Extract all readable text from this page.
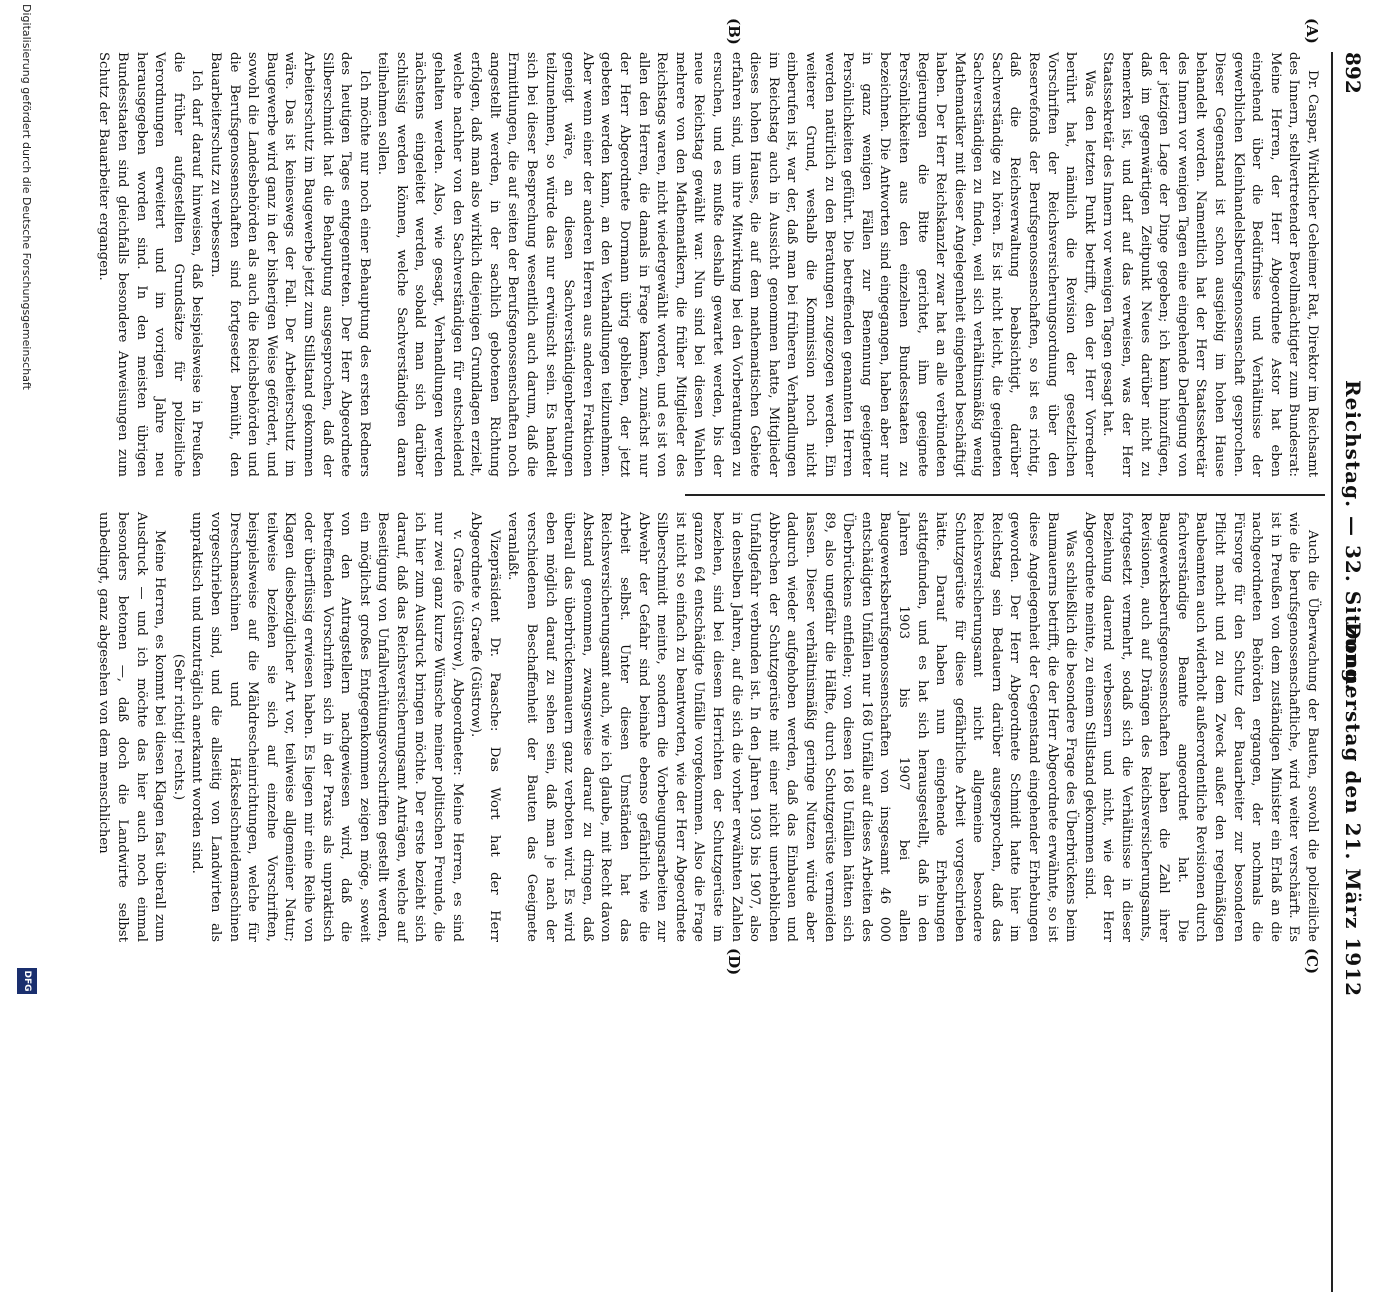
892
Reichstag. — 32. Sitzung.
Donnerstag den 21. März 1912
(A)
(B)
(C)
(D)

Dr. Caspar, Wirklicher Geheimer Rat, Direktor im Reichsamt des Innern, stellvertretender Bevollmächtigter zum Bundesrat: Meine Herren, der Herr Abgeordnete Astor hat eben eingehend über die Bedürfnisse und Verhältnisse der gewerblichen Kleinhandelsberufsgenossenschaft gesprochen. Dieser Gegenstand ist schon ausgiebig im hohen Hause behandelt worden. Namentlich hat der Herr Staatssekretär des Innern vor wenigen Tagen eine eingehende Darlegung von der jetzigen Lage der Dinge gegeben; ich kann hinzufügen, daß im gegenwärtigen Zeitpunkt Neues darüber nicht zu bemerken ist, und darf auf das verweisen, was der Herr Staatssekretär des Innern vor wenigen Tagen gesagt hat.

Was den letzten Punkt betrifft, den der Herr Vorredner berührt hat, nämlich die Revision der gesetzlichen Vorschriften der Reichsversicherungsordnung über den Reservefonds der Berufsgenossenschaften, so ist es richtig, daß die Reichsverwaltung beabsichtigt, darüber Sachverständige zu hören. Es ist nicht leicht, die geeigneten Sachverständigen zu finden, weil sich verhältnismäßig wenig Mathematiker mit dieser Angelegenheit eingehend beschäftigt haben. Der Herr Reichskanzler zwar hat an alle verbündeten Regierungen die Bitte gerichtet, ihm geeignete Persönlichkeiten aus den einzelnen Bundesstaaten zu bezeichnen. Die Antworten sind eingegangen, haben aber nur in ganz wenigen Fällen zur Benennung geeigneter Persönlichkeiten geführt. Die betreffenden genannten Herren werden natürlich zu den Beratungen zugezogen werden. Ein weiterer Grund, weshalb die Kommission noch nicht einberufen ist, war der, daß man bei früheren Verhandlungen im Reichstag auch in Aussicht genommen hatte, Mitglieder dieses hohen Hauses, die auf dem mathematischen Gebiete erfahren sind, um ihre Mitwirkung bei den Vorberatungen zu ersuchen, und es mußte deshalb gewartet werden, bis der neue Reichstag gewählt war. Nun sind bei diesen Wahlen mehrere von den Mathematikern, die früher Mitglieder des Reichstags waren, nicht wiedergewählt worden, und es ist von allen den Herren, die damals in Frage kamen, zunächst nur der Herr Abgeordnete Dormann übrig geblieben, der jetzt gebeten werden kann, an den Verhandlungen teilzunehmen. Aber wenn einer der anderen Herren aus anderen Fraktionen geneigt wäre, an diesen Sachverständigenberatungen teilzunehmen, so würde das nur erwünscht sein. Es handelt sich bei dieser Besprechung wesentlich auch darum, daß die Ermittlungen, die auf seiten der Berufsgenossenschaften noch angestellt werden, in der sachlich gebotenen Richtung erfolgen, daß man also wirklich diejenigen Grundlagen erzielt, welche nachher von den Sachverständigen für entscheidend gehalten werden. Also, wie gesagt, Verhandlungen werden nächstens eingeleitet werden, sobald man sich darüber schlüssig werden können, welche Sachverständigen daran teilnehmen sollen.

Ich möchte nur noch einer Behauptung des ersten Redners des heutigen Tages entgegentreten. Der Herr Abgeordnete Silberschmidt hat die Behauptung ausgesprochen, daß der Arbeiterschutz im Baugewerbe jetzt zum Stillstand gekommen wäre. Das ist keineswegs der Fall. Der Arbeiterschutz im Baugewerbe wird ganz in der bisherigen Weise gefördert, und sowohl die Landesbehörden als auch die Reichsbehörden und die Berufsgenossenschaften sind fortgesetzt bemüht, den Bauarbeiterschutz zu verbessern.

Ich darf darauf hinweisen, daß beispielsweise in Preußen die früher aufgestellten Grundsätze für polizeiliche Verordnungen erweitert und im vorigen Jahre neu herausgegeben worden sind. In den meisten übrigen Bundesstaaten sind gleichfalls besondere Anweisungen zum Schutz der Bauarbeiter ergangen.

Auch die Überwachung der Bauten, sowohl die polizeiliche wie die berufsgenossenschaftliche, wird weiter verschärft. Es ist in Preußen von dem zuständigen Minister ein Erlaß an die nachgeordneten Behörden ergangen, der nochmals die Fürsorge für den Schutz der Bauarbeiter zur besonderen Pflicht macht und zu dem Zweck außer den regelmäßigen Baubeamten auch widerholt außerordentliche Revisionen durch fachverständige Beamte angeordnet hat. Die Baugewerksberufsgenossenschaften haben die Zahl ihrer Revisionen, auch auf Drängen des Reichsversicherungsamts, fortgesetzt vermehrt, sodaß sich die Verhältnisse in dieser Beziehung dauernd verbessern und nicht, wie der Herr Abgeordnete meinte, zu einem Stillstand gekommen sind.

Was schließlich die besondere Frage des Überbrückens beim Baumauerns betrifft, die der Herr Abgeordnete erwähnte, so ist diese Angelegenheit der Gegenstand eingehender Erhebungen geworden. Der Herr Abgeordnete Schmidt hatte hier im Reichstag sein Bedauern darüber ausgesprochen, daß das Reichsversicherungsamt nicht allgemeine besondere Schutzgerüste für diese gefährliche Arbeit vorgeschrieben hätte. Darauf haben nun eingehende Erhebungen stattgefunden, und es hat sich herausgestellt, daß in den Jahren 1903 bis 1907 bei allen Baugewerksberufsgenossenschaften von insgesamt 46 000 entschädigten Unfällen nur 168 Unfälle auf dieses Arbeiten des Überbrückens entfielen; von diesen 168 Unfällen hätten sich 89, also ungefähr die Hälfte, durch Schutzgerüste vermeiden lassen. Dieser verhältnismäßig geringe Nutzen würde aber dadurch wieder aufgehoben werden, daß das Einbauen und Abbrechen der Schutzgerüste mit einer nicht unerheblichen Unfallgefahr verbunden ist. In den Jahren 1903 bis 1907, also in denselben Jahren, auf die sich die vorher erwähnten Zahlen beziehen, sind bei diesem Herrichten der Schutzgerüste im ganzen 64 entschädigte Unfälle vorgekommen. Also die Frage ist nicht so einfach zu beantworten, wie der Herr Abgeordnete Silberschmidt meinte, sondern die Vorbeugungsarbeiten zur Abwehr der Gefahr sind beinahe ebenso gefährlich wie die Arbeit selbst. Unter diesen Umständen hat das Reichsversicherungsamt auch, wie ich glaube, mit Recht davon Abstand genommen, zwangsweise darauf zu dringen, daß überall das überbrückenmauern ganz verboten wird. Es wird eben möglich darauf zu sehen sein, daß man je nach der verschiedenen Beschaffenheit der Bauten das Geeignete veranlaßt.

Vizepräsident Dr. Paasche: Das Wort hat der Herr Abgeordnete v. Graefe (Güstrow).

v. Graefe (Güstrow), Abgeordneter: Meine Herren, es sind nur zwei ganz kurze Wünsche meiner politischen Freunde, die ich hier zum Ausdruck bringen möchte. Der erste bezieht sich darauf, daß das Reichsversicherungsamt Anträgen, welche auf Beseitigung von Unfallverhütungsvorschriften gestellt werden, ein möglichst großes Entgegenkommen zeigen möge, soweit von den Antragstellern nachgewiesen wird, daß die betreffenden Vorschriften sich in der Praxis als unpraktisch oder überflüssig erwiesen haben. Es liegen mir eine Reihe von Klagen diesbezüglicher Art vor, teilweise allgemeiner Natur; teilweise beziehen sie sich auf einzelne Vorschriften, beispielsweise auf die Mähdrescheinrichtungen, welche für Dreschmaschinen und Häckselschneidemaschinen vorgeschrieben sind, und die allseitig von Landwirten als unpraktisch und unzuträglich anerkannt worden sind.

(Sehr richtig! rechts.)

Meine Herren, es kommt bei diesen Klagen fast überall zum Ausdruck — und ich möchte das hier auch noch einmal besonders betonen —, daß doch die Landwirte selbst unbedingt, ganz abgesehen von dem menschlichen

Digitalisierung gefördert durch die Deutsche Forschungsgemeinschaft
DFG
